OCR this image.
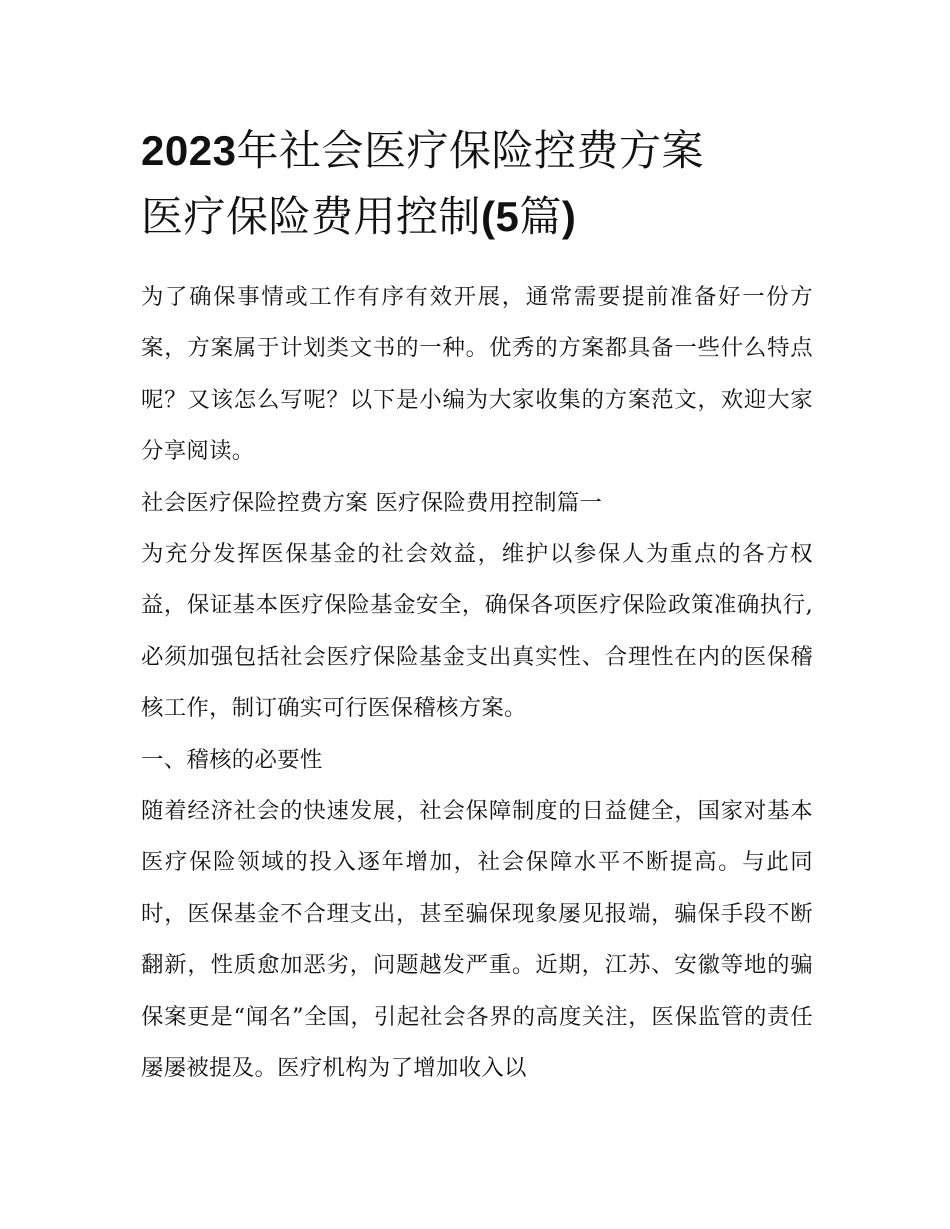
2023年社会医疗保险控费方案
医疗保险费用控制(5篇)

为了确保事情或工作有序有效开展，通常需要提前准备好一份方案，方案属于计划类文书的一种。优秀的方案都具备一些什么特点呢？又该怎么写呢？以下是小编为大家收集的方案范文，欢迎大家分享阅读。

社会医疗保险控费方案 医疗保险费用控制篇一

为充分发挥医保基金的社会效益，维护以参保人为重点的各方权益，保证基本医疗保险基金安全，确保各项医疗保险政策准确执行,必须加强包括社会医疗保险基金支出真实性、合理性在内的医保稽核工作，制订确实可行医保稽核方案。

一、稽核的必要性

随着经济社会的快速发展，社会保障制度的日益健全，国家对基本医疗保险领域的投入逐年增加，社会保障水平不断提高。与此同时，医保基金不合理支出，甚至骗保现象屡见报端，骗保手段不断翻新，性质愈加恶劣，问题越发严重。近期，江苏、安徽等地的骗保案更是“闻名”全国，引起社会各界的高度关注，医保监管的责任屡屡被提及。医疗机构为了增加收入以
